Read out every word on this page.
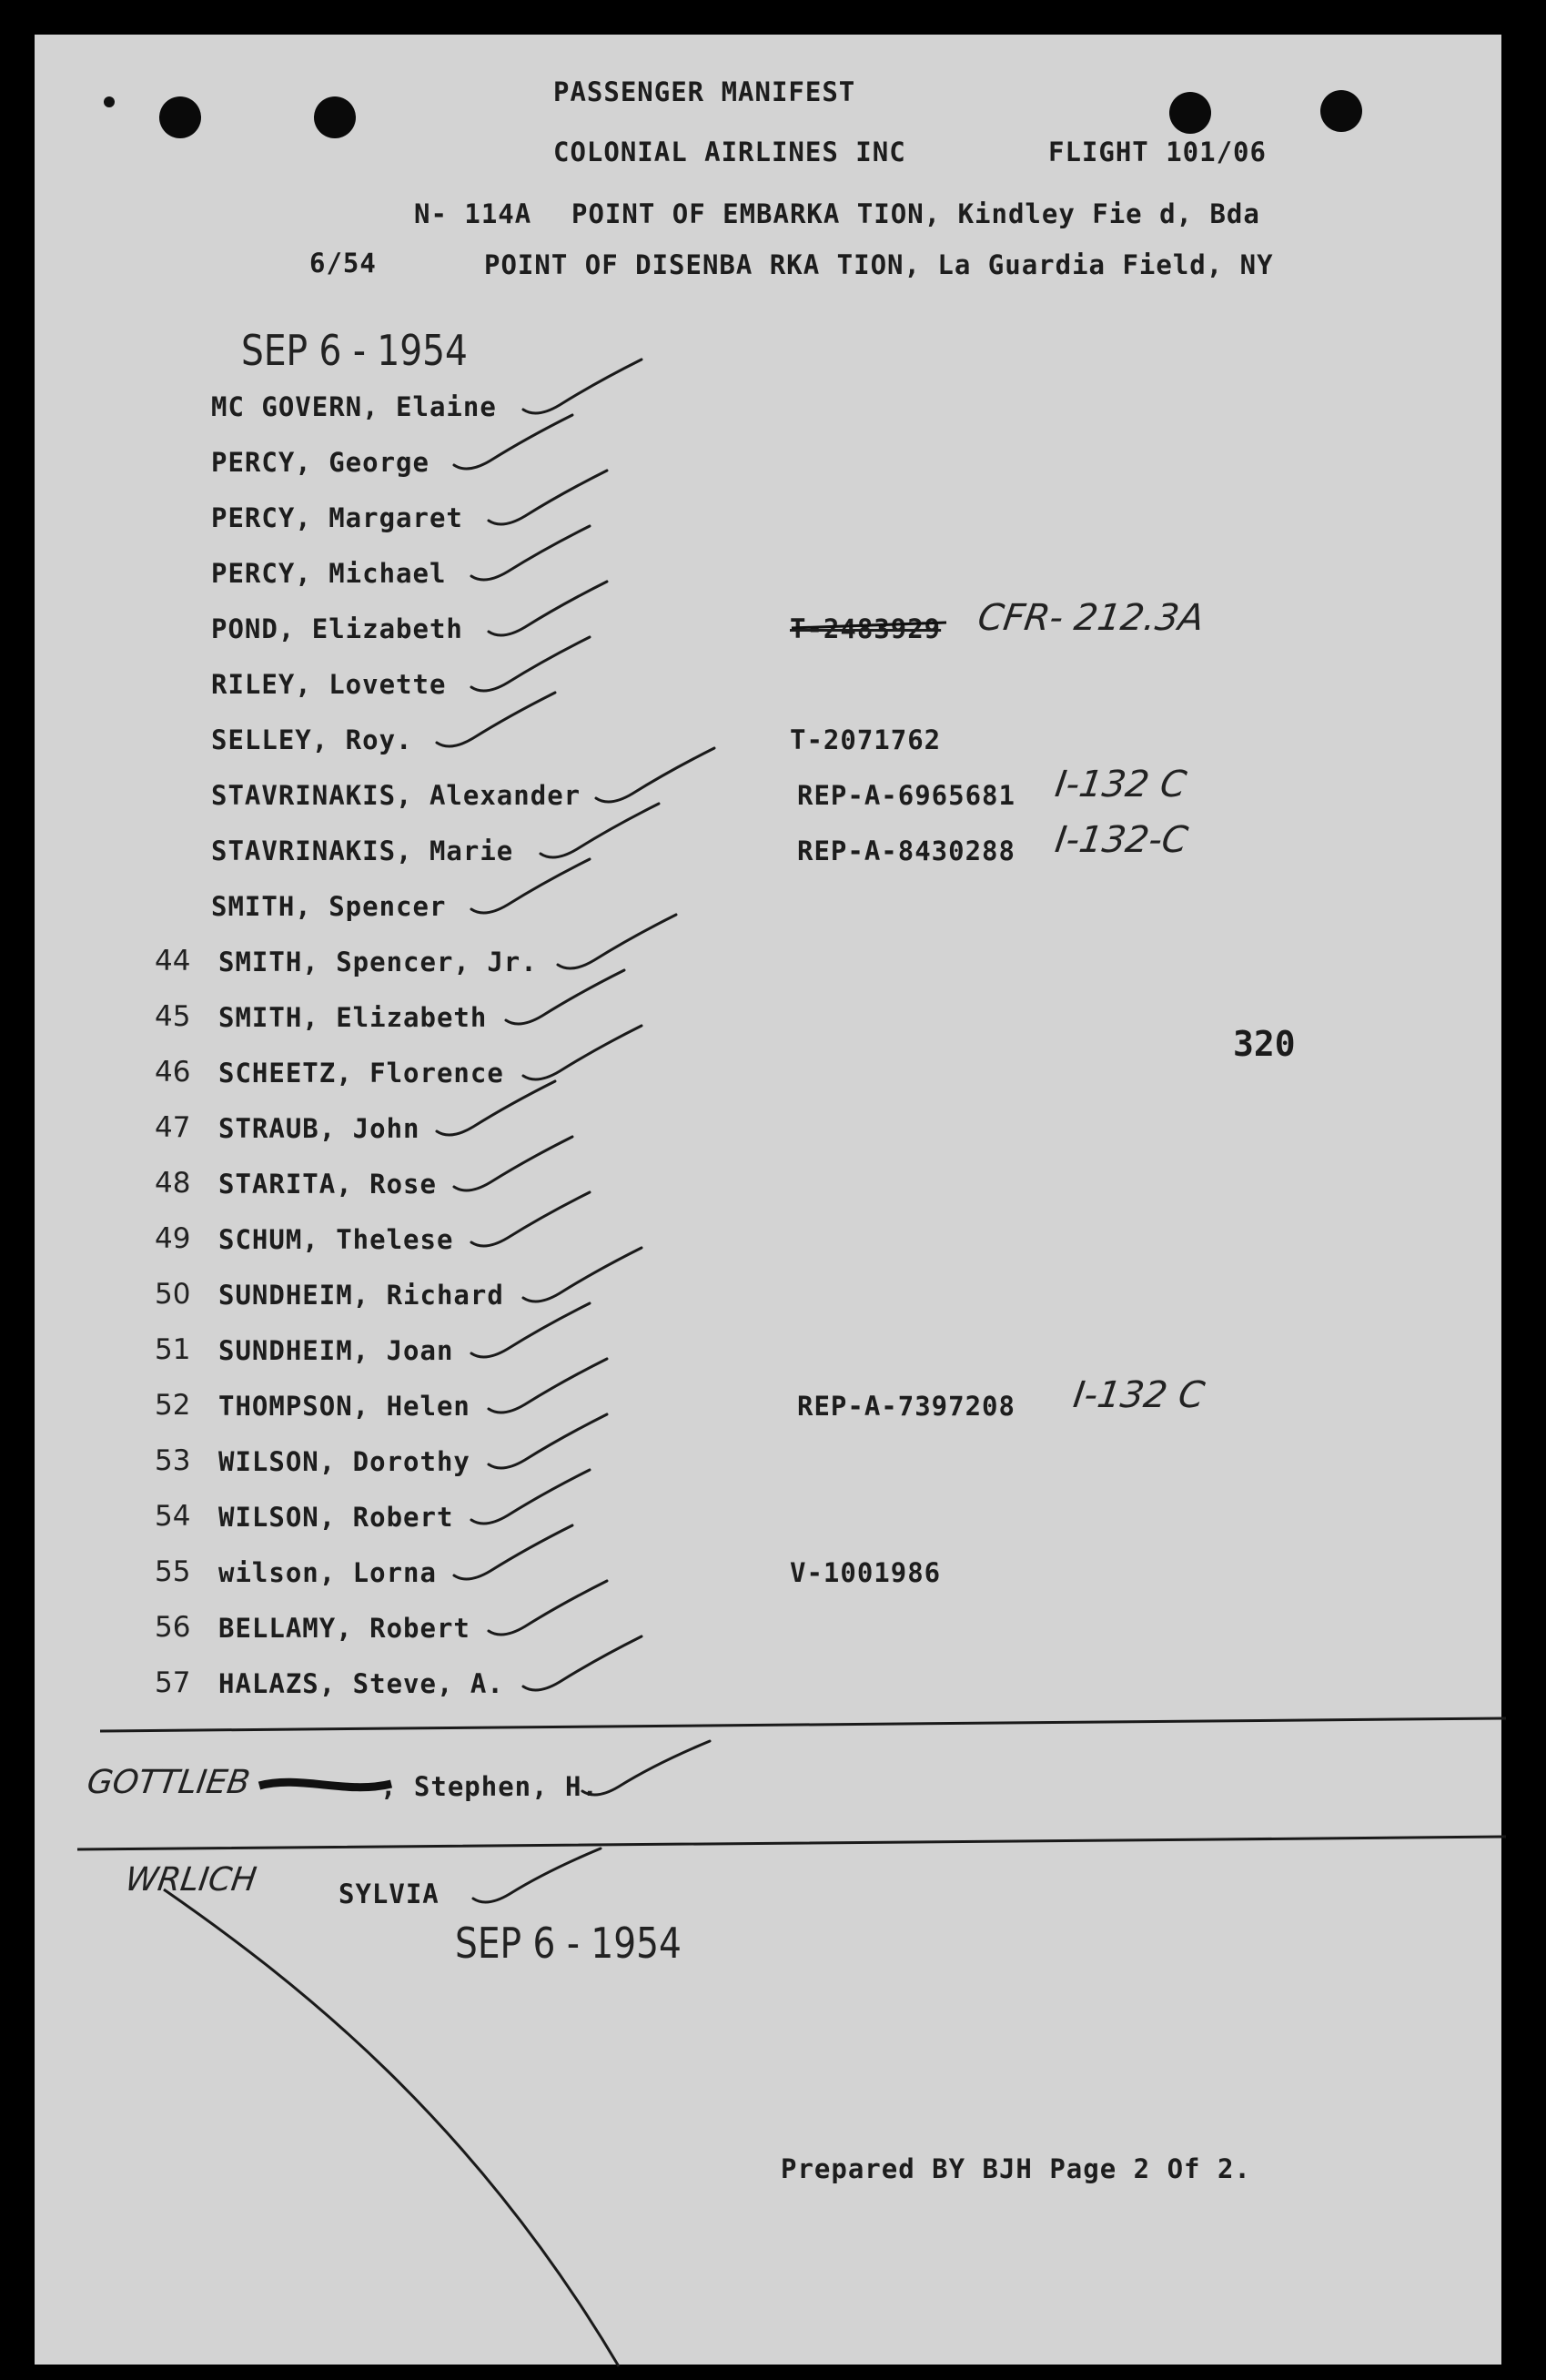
PASSENGER MANIFEST
COLONIAL AIRLINES INC	FLIGHT 101/06
N- 114A POINT OF EMBARKA TION, Kindley Fie d, Bda
6/54	POINT OF DISENBA RKA TION, La Guardia Field, NY
SEP 6 - 1954
MC GOVERN, Elaine
PERCY, George
PERCY, Margaret
PERCY, Michael
POND, Elizabeth	T-2483929 CFR- 212.3A
RILEY, Lovette
SELLEY, Roy.	T-2071762
STAVRINAKIS, Alexander	REP-A-6965681 I-132 C
STAVRINAKIS, Marie	REP-A-8430288 I-132-C
SMITH, Spencer
44 SMITH, Spencer, Jr.
45 SMITH, Elizabeth
46 SCHEETZ, Florence
47 STRAUB, John
48 STARITA, Rose
49 SCHUM, Thelese
50 SUNDHEIM, Richard
51 SUNDHEIM, Joan
52 THOMPSON, Helen	REP-A-7397208 I-132 C
53 WILSON, Dorothy
54 WILSON, Robert
55 wilson, Lorna	V-1001986
56 BELLAMY, Robert
57 HALAZS, Steve, A.
320
GOTTLIEB	, Stephen, H.
WRLICH	SYLVIA
SEP 6 - 1954
Prepared BY BJH Page 2 Of 2.
